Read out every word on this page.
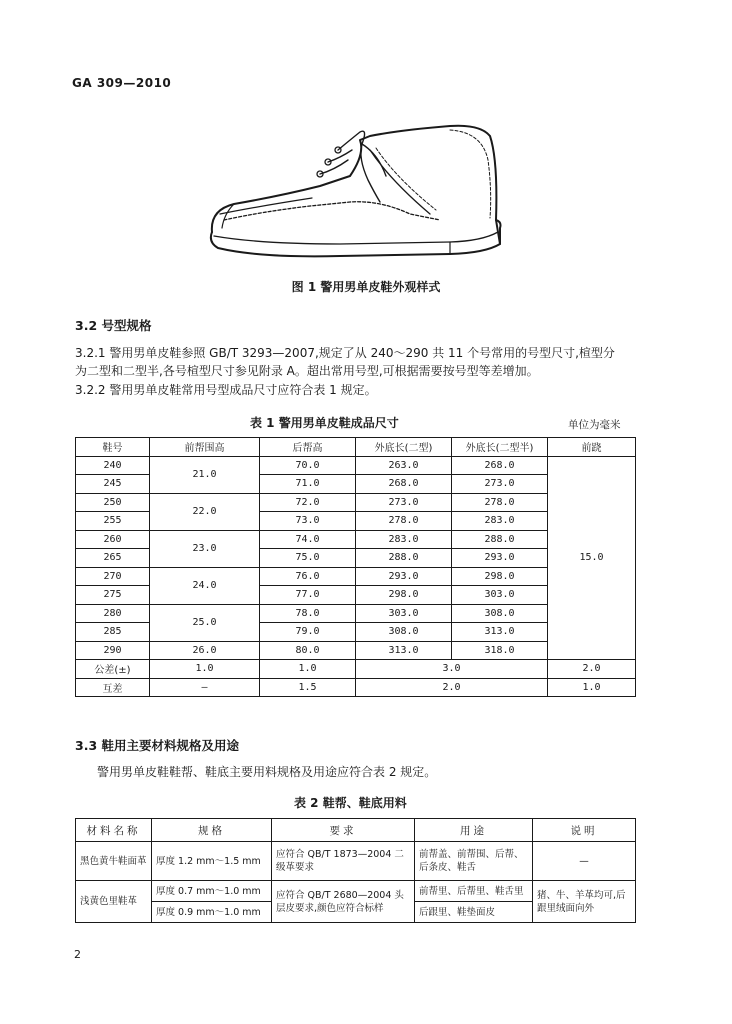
GA 309—2010
图 1 警用男单皮鞋外观样式
3.2 号型规格
3.2.1 警用男单皮鞋参照 GB/T 3293—2007,规定了从 240～290 共 11 个号常用的号型尺寸,楦型分
为二型和二型半,各号楦型尺寸参见附录 A。超出常用号型,可根据需要按号型等差增加。
3.2.2 警用男单皮鞋常用号型成品尺寸应符合表 1 规定。
表 1 警用男单皮鞋成品尺寸	单位为毫米
鞋号	前帮围高	后帮高	外底长(二型)	外底长(二型半)	前跷
240	21.0	70.0	263.0	268.0	15.0
245		71.0	268.0	273.0	
250	22.0	72.0	273.0	278.0	
255		73.0	278.0	283.0	
260	23.0	74.0	283.0	288.0	
265		75.0	288.0	293.0	
270	24.0	76.0	293.0	298.0	
275		77.0	298.0	303.0	
280	25.0	78.0	303.0	308.0	
285		79.0	308.0	313.0	
290	26.0	80.0	313.0	318.0	
公差(±)	1.0	1.0	3.0		2.0
互差	—	1.5	2.0		1.0
3.3 鞋用主要材料规格及用途
警用男单皮鞋鞋帮、鞋底主要用料规格及用途应符合表 2 规定。
表 2 鞋帮、鞋底用料
材料名称	规格	要求	用途	说明
黑色黄牛鞋面革	厚度 1.2 mm～1.5 mm	应符合 QB/T 1873—2004 二级革要求	前帮盖、前帮围、后帮、后条皮、鞋舌	—
浅黄色里鞋革	厚度 0.7 mm～1.0 mm	应符合 QB/T 2680—2004 头层皮要求,颜色应符合标样	前帮里、后帮里、鞋舌里	猪、牛、羊革均可,后跟里绒面向外
	厚度 0.9 mm～1.0 mm		后跟里、鞋垫面皮	
2
